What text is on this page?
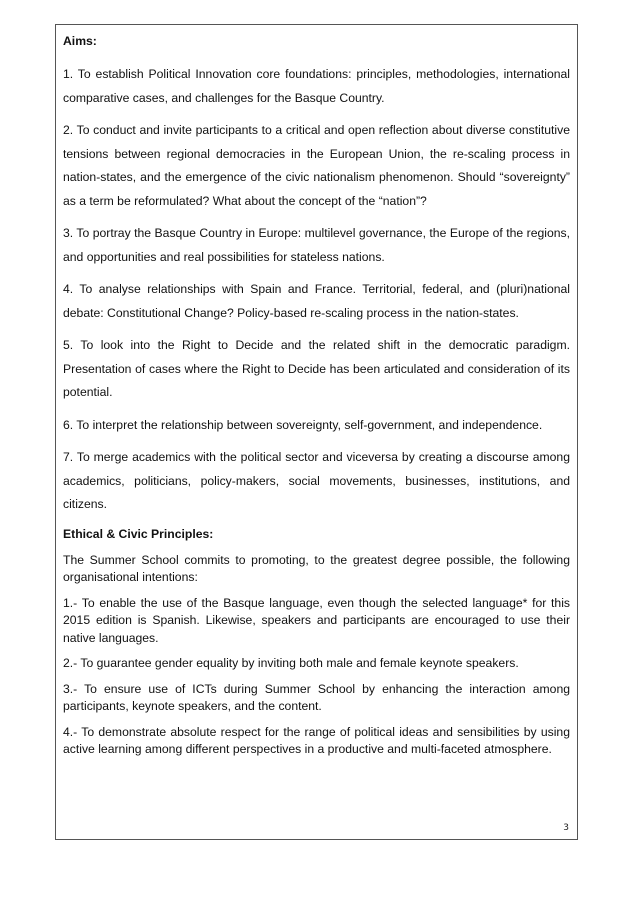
Aims:

1. To establish Political Innovation core foundations: principles, methodologies, international comparative cases, and challenges for the Basque Country.

2. To conduct and invite participants to a critical and open reflection about diverse constitutive tensions between regional democracies in the European Union, the re-scaling process in nation-states, and the emergence of the civic nationalism phenomenon. Should “sovereignty” as a term be reformulated? What about the concept of the “nation”?

3. To portray the Basque Country in Europe: multilevel governance, the Europe of the regions, and opportunities and real possibilities for stateless nations.

4. To analyse relationships with Spain and France. Territorial, federal, and (pluri)national debate: Constitutional Change? Policy-based re-scaling process in the nation-states.

5. To look into the Right to Decide and the related shift in the democratic paradigm. Presentation of cases where the Right to Decide has been articulated and consideration of its potential.

6. To interpret the relationship between sovereignty, self-government, and independence.

7. To merge academics with the political sector and viceversa by creating a discourse among academics, politicians, policy-makers, social movements, businesses, institutions, and citizens.

Ethical & Civic Principles:

The Summer School commits to promoting, to the greatest degree possible, the following organisational intentions:

1.- To enable the use of the Basque language, even though the selected language* for this 2015 edition is Spanish. Likewise, speakers and participants are encouraged to use their native languages.

2.- To guarantee gender equality by inviting both male and female keynote speakers.

3.- To ensure use of ICTs during Summer School by enhancing the interaction among participants, keynote speakers, and the content.

4.- To demonstrate absolute respect for the range of political ideas and sensibilities by using active learning among different perspectives in a productive and multi-faceted atmosphere.

3
